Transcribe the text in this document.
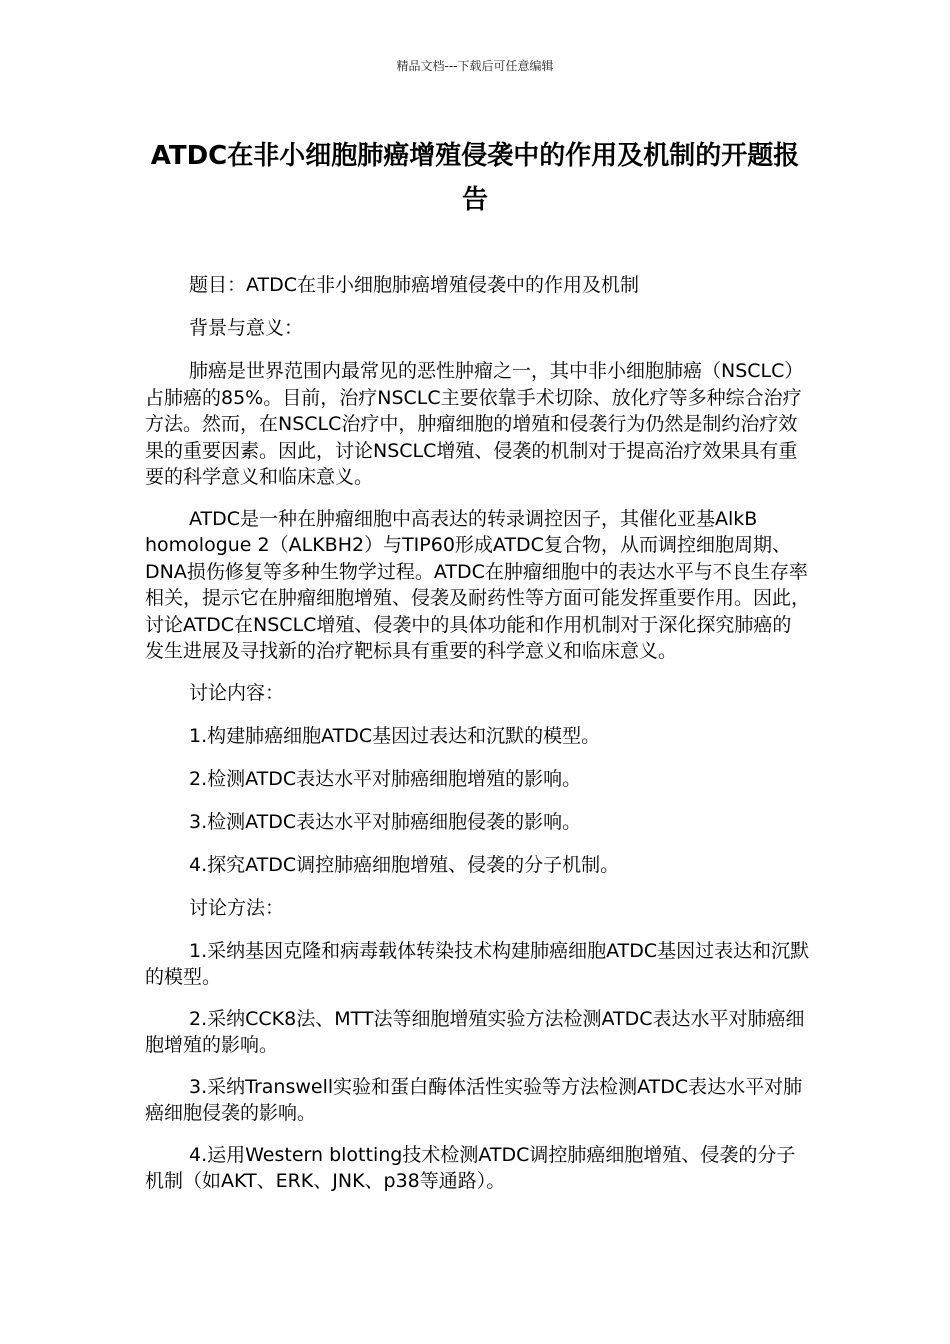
精品文档---下载后可任意编辑
ATDC在非小细胞肺癌增殖侵袭中的作用及机制的开题报告

题目：ATDC在非小细胞肺癌增殖侵袭中的作用及机制

背景与意义：

肺癌是世界范围内最常见的恶性肿瘤之一，其中非小细胞肺癌（NSCLC）占肺癌的85%。目前，治疗NSCLC主要依靠手术切除、放化疗等多种综合治疗方法。然而，在NSCLC治疗中，肿瘤细胞的增殖和侵袭行为仍然是制约治疗效果的重要因素。因此，讨论NSCLC增殖、侵袭的机制对于提高治疗效果具有重要的科学意义和临床意义。

ATDC是一种在肿瘤细胞中高表达的转录调控因子，其催化亚基AlkB homologue 2（ALKBH2）与TIP60形成ATDC复合物，从而调控细胞周期、DNA损伤修复等多种生物学过程。ATDC在肿瘤细胞中的表达水平与不良生存率相关，提示它在肿瘤细胞增殖、侵袭及耐药性等方面可能发挥重要作用。因此，讨论ATDC在NSCLC增殖、侵袭中的具体功能和作用机制对于深化探究肺癌的发生进展及寻找新的治疗靶标具有重要的科学意义和临床意义。

讨论内容：

1.构建肺癌细胞ATDC基因过表达和沉默的模型。

2.检测ATDC表达水平对肺癌细胞增殖的影响。

3.检测ATDC表达水平对肺癌细胞侵袭的影响。

4.探究ATDC调控肺癌细胞增殖、侵袭的分子机制。

讨论方法：

1.采纳基因克隆和病毒载体转染技术构建肺癌细胞ATDC基因过表达和沉默的模型。

2.采纳CCK8法、MTT法等细胞增殖实验方法检测ATDC表达水平对肺癌细胞增殖的影响。

3.采纳Transwell实验和蛋白酶体活性实验等方法检测ATDC表达水平对肺癌细胞侵袭的影响。

4.运用Western blotting技术检测ATDC调控肺癌细胞增殖、侵袭的分子机制（如AKT、ERK、JNK、p38等通路）。
